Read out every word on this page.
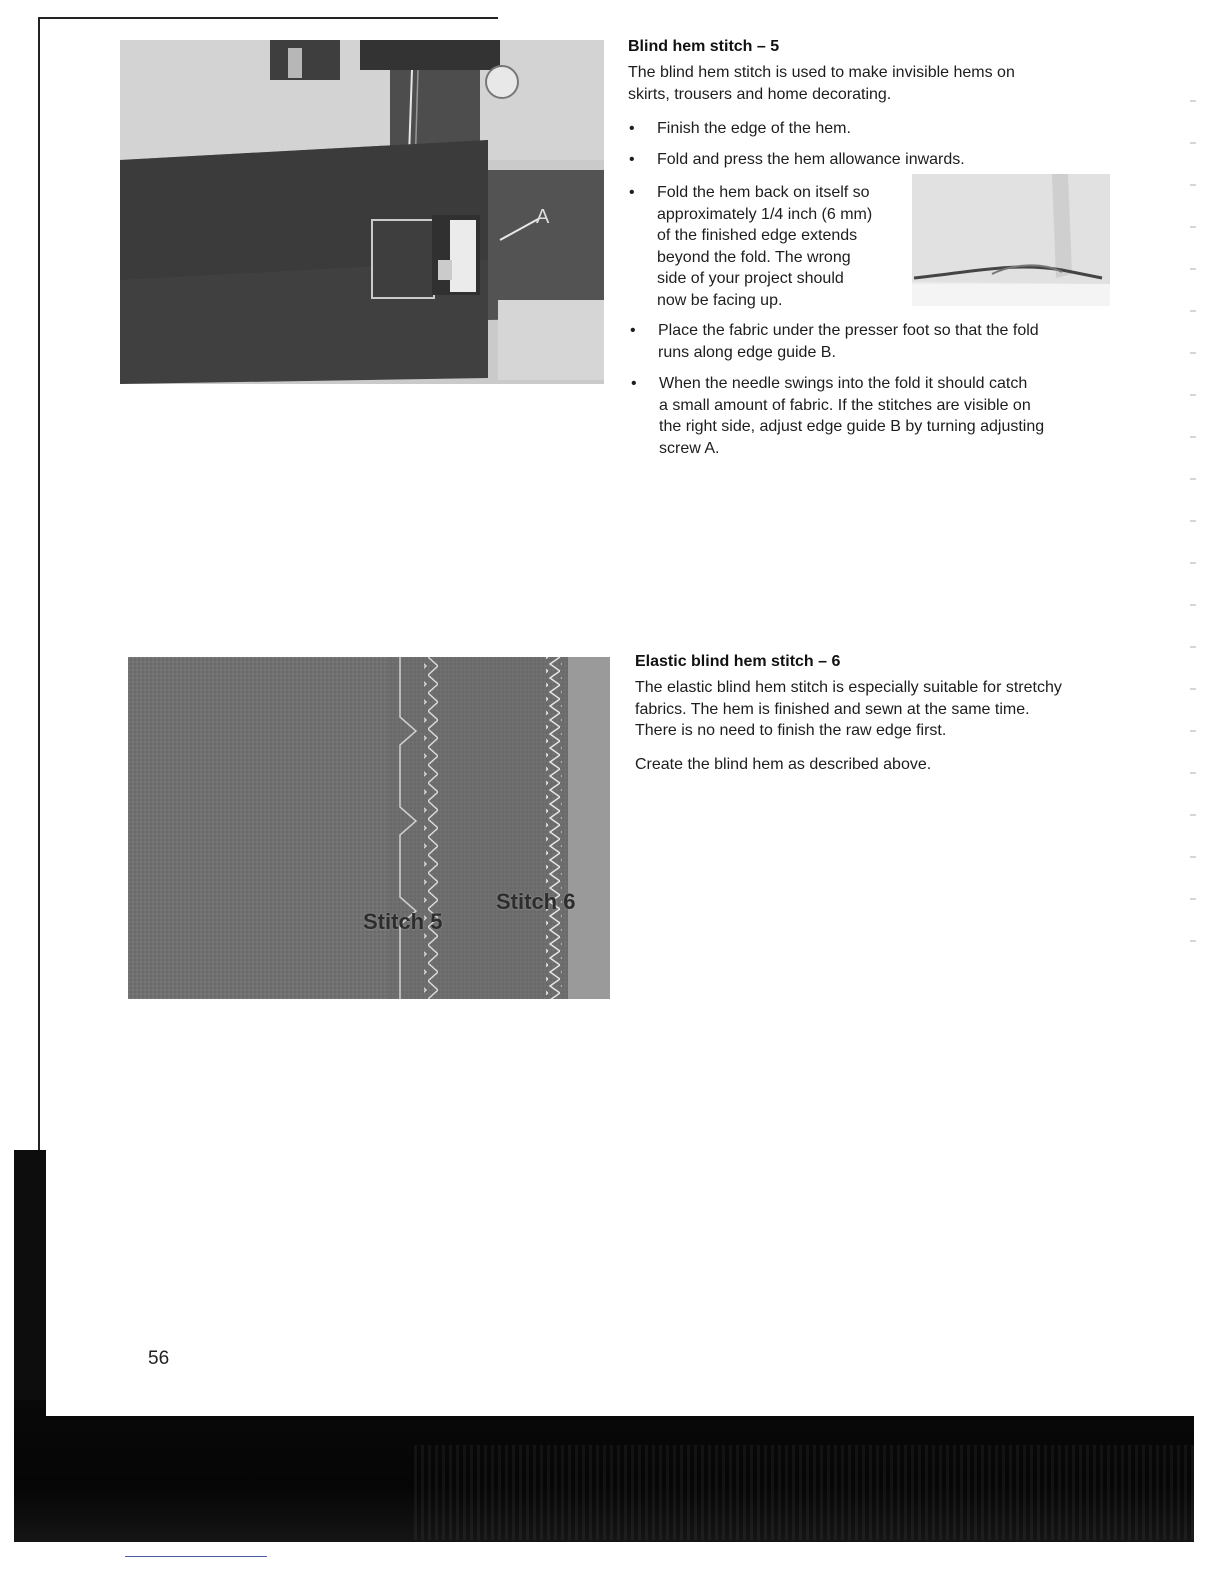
A
Blind hem stitch – 5

The blind hem stitch is used to make invisible hems on
skirts, trousers and home decorating.

• Finish the edge of the hem.
• Fold and press the hem allowance inwards.
• Fold the hem back on itself so
approximately 1/4 inch (6 mm)
of the finished edge extends
beyond the fold. The wrong
side of your project should
now be facing up.
• Place the fabric under the presser foot so that the fold
runs along edge guide B.
• When the needle swings into the fold it should catch
a small amount of fabric. If the stitches are visible on
the right side, adjust edge guide B by turning adjusting
screw A.
Stitch 5
Stitch 6
Elastic blind hem stitch – 6

The elastic blind hem stitch is especially suitable for stretchy
fabrics. The hem is finished and sewn at the same time.
There is no need to finish the raw edge first.

Create the blind hem as described above.

56
